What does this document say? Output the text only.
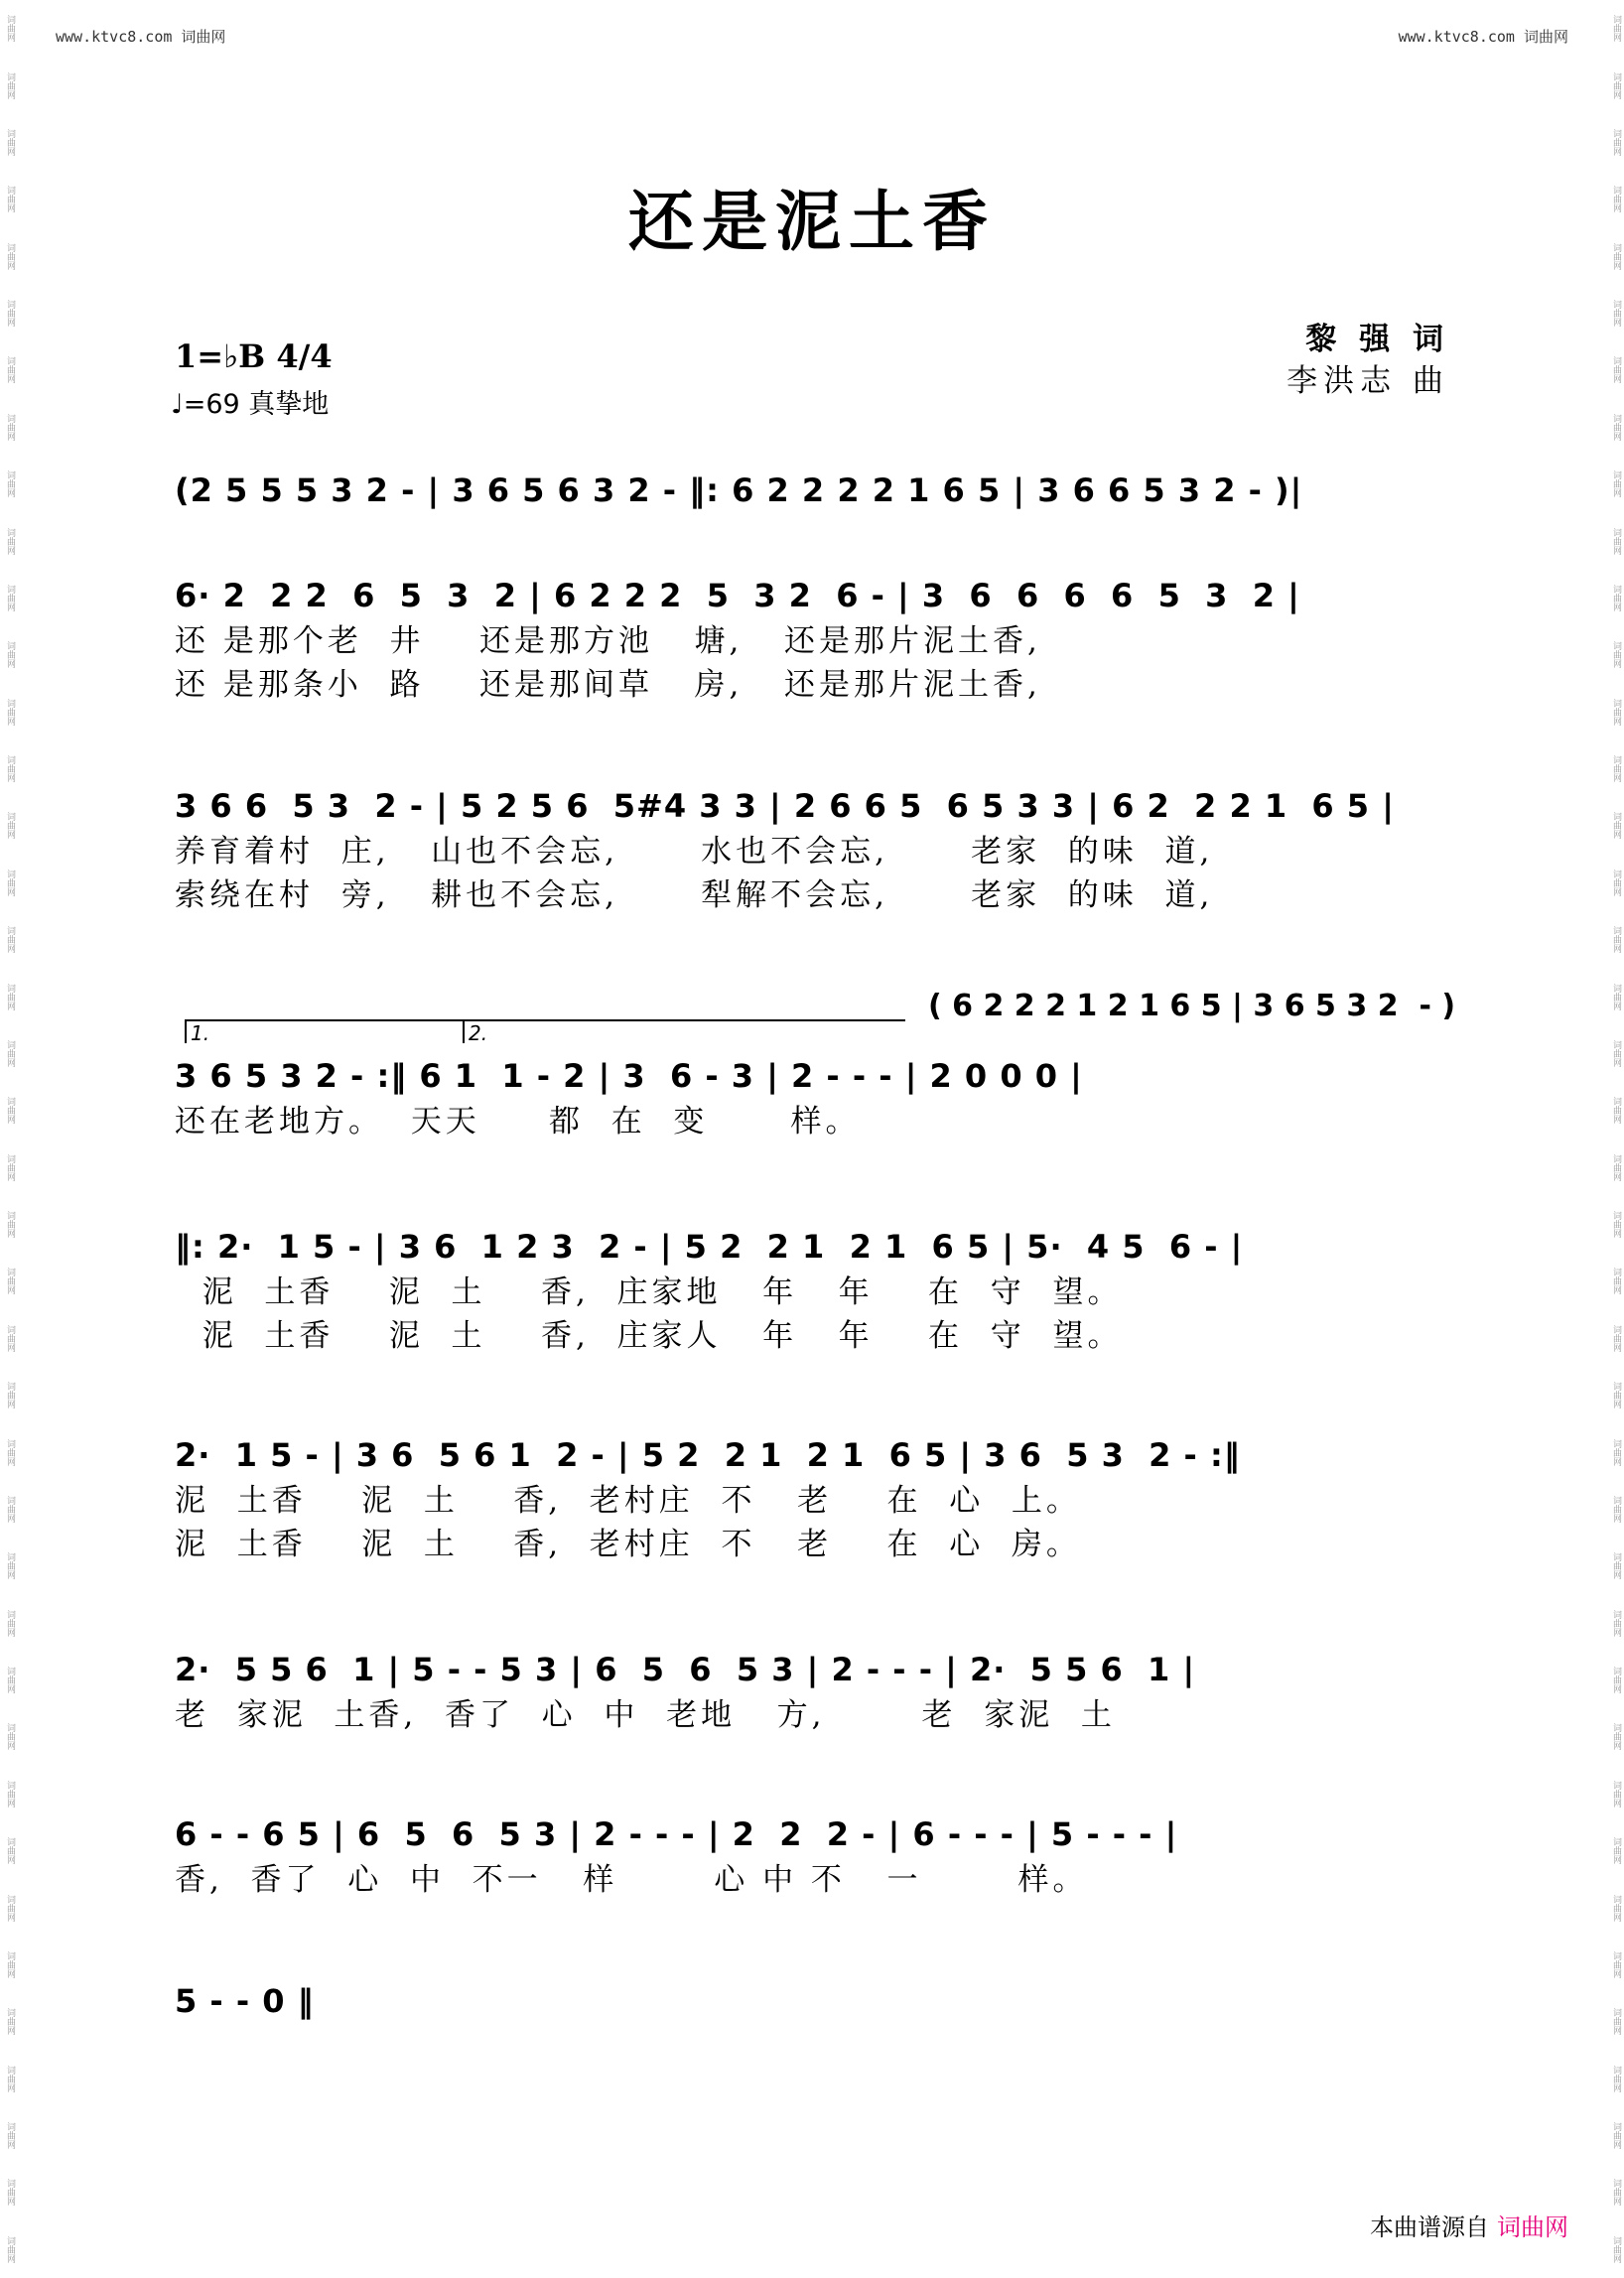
www.ktvc8.com 词曲网	www.ktvc8.com 词曲网
词曲网
词曲网
词曲网
词曲网
词曲网
词曲网
词曲网
词曲网
词曲网
词曲网
词曲网
词曲网
词曲网
词曲网
词曲网
词曲网
词曲网
词曲网
词曲网
词曲网
词曲网
词曲网
词曲网
词曲网
词曲网
词曲网
词曲网
词曲网
词曲网
词曲网
词曲网
词曲网
词曲网
词曲网
词曲网
词曲网
词曲网
词曲网
词曲网
词曲网
词曲网
词曲网
词曲网
词曲网
词曲网
词曲网
词曲网
词曲网
词曲网
词曲网
词曲网
词曲网
词曲网
词曲网
词曲网
词曲网
词曲网
词曲网
词曲网
词曲网
词曲网
词曲网
词曲网
词曲网
词曲网
词曲网
词曲网
词曲网
词曲网
词曲网
词曲网
词曲网
词曲网
词曲网
词曲网
词曲网
词曲网
词曲网
词曲网
词曲网
还是泥土香
黎 强 词
李洪志 曲
1=♭B 4/4
♩=69 真挚地
(2 5 5 5 3 2 - | 3 6 5 6 3 2 - ‖: 6 2 2 2 2 1 6 5 | 3 6 6 5 3 2 - )|
6· 2  2 2  6  5  3  2 | 6 2 2 2  5  3 2  6 - | 3  6  6  6  6  5  3  2 |
还 是那个老  井    还是那方池   塘,   还是那片泥土香,
还 是那条小  路    还是那间草   房,   还是那片泥土香,
3 6 6  5 3  2 - | 5 2 5 6  5#4 3 3 | 2 6 6 5  6 5 3 3 | 6 2  2 2 1  6 5 |
养育着村  庄,   山也不会忘,      水也不会忘,      老家  的味  道,
索绕在村  旁,   耕也不会忘,      犁解不会忘,      老家  的味  道,
( 6 2 2 2 1 2 1 6 5 | 3 6 5 3 2  - )
1.	2.
3 6 5 3 2 - :‖ 6 1  1 - 2 | 3  6 - 3 | 2 - - - | 2 0 0 0 |
还在老地方。  天天     都  在  变      样。
‖: 2·  1 5 - | 3 6  1 2 3  2 - | 5 2  2 1  2 1  6 5 | 5·  4 5  6 - |
泥  土香    泥  土    香,  庄家地   年   年    在  守  望。
泥  土香    泥  土    香,  庄家人   年   年    在  守  望。
2·  1 5 - | 3 6  5 6 1  2 - | 5 2  2 1  2 1  6 5 | 3 6  5 3  2 - :‖
泥  土香    泥  土    香,  老村庄  不   老    在  心  上。
泥  土香    泥  土    香,  老村庄  不   老    在  心  房。
2·  5 5 6  1 | 5 - - 5 3 | 6  5  6  5 3 | 2 - - - | 2·  5 5 6  1 |
老  家泥  土香,  香了  心  中  老地   方,       老  家泥  土
6 - - 6 5 | 6  5  6  5 3 | 2 - - - | 2  2  2 - | 6 - - - | 5 - - - |
香,  香了  心  中  不一   样       心 中 不   一       样。
5 - - 0 ‖
本曲谱源自 词曲网
